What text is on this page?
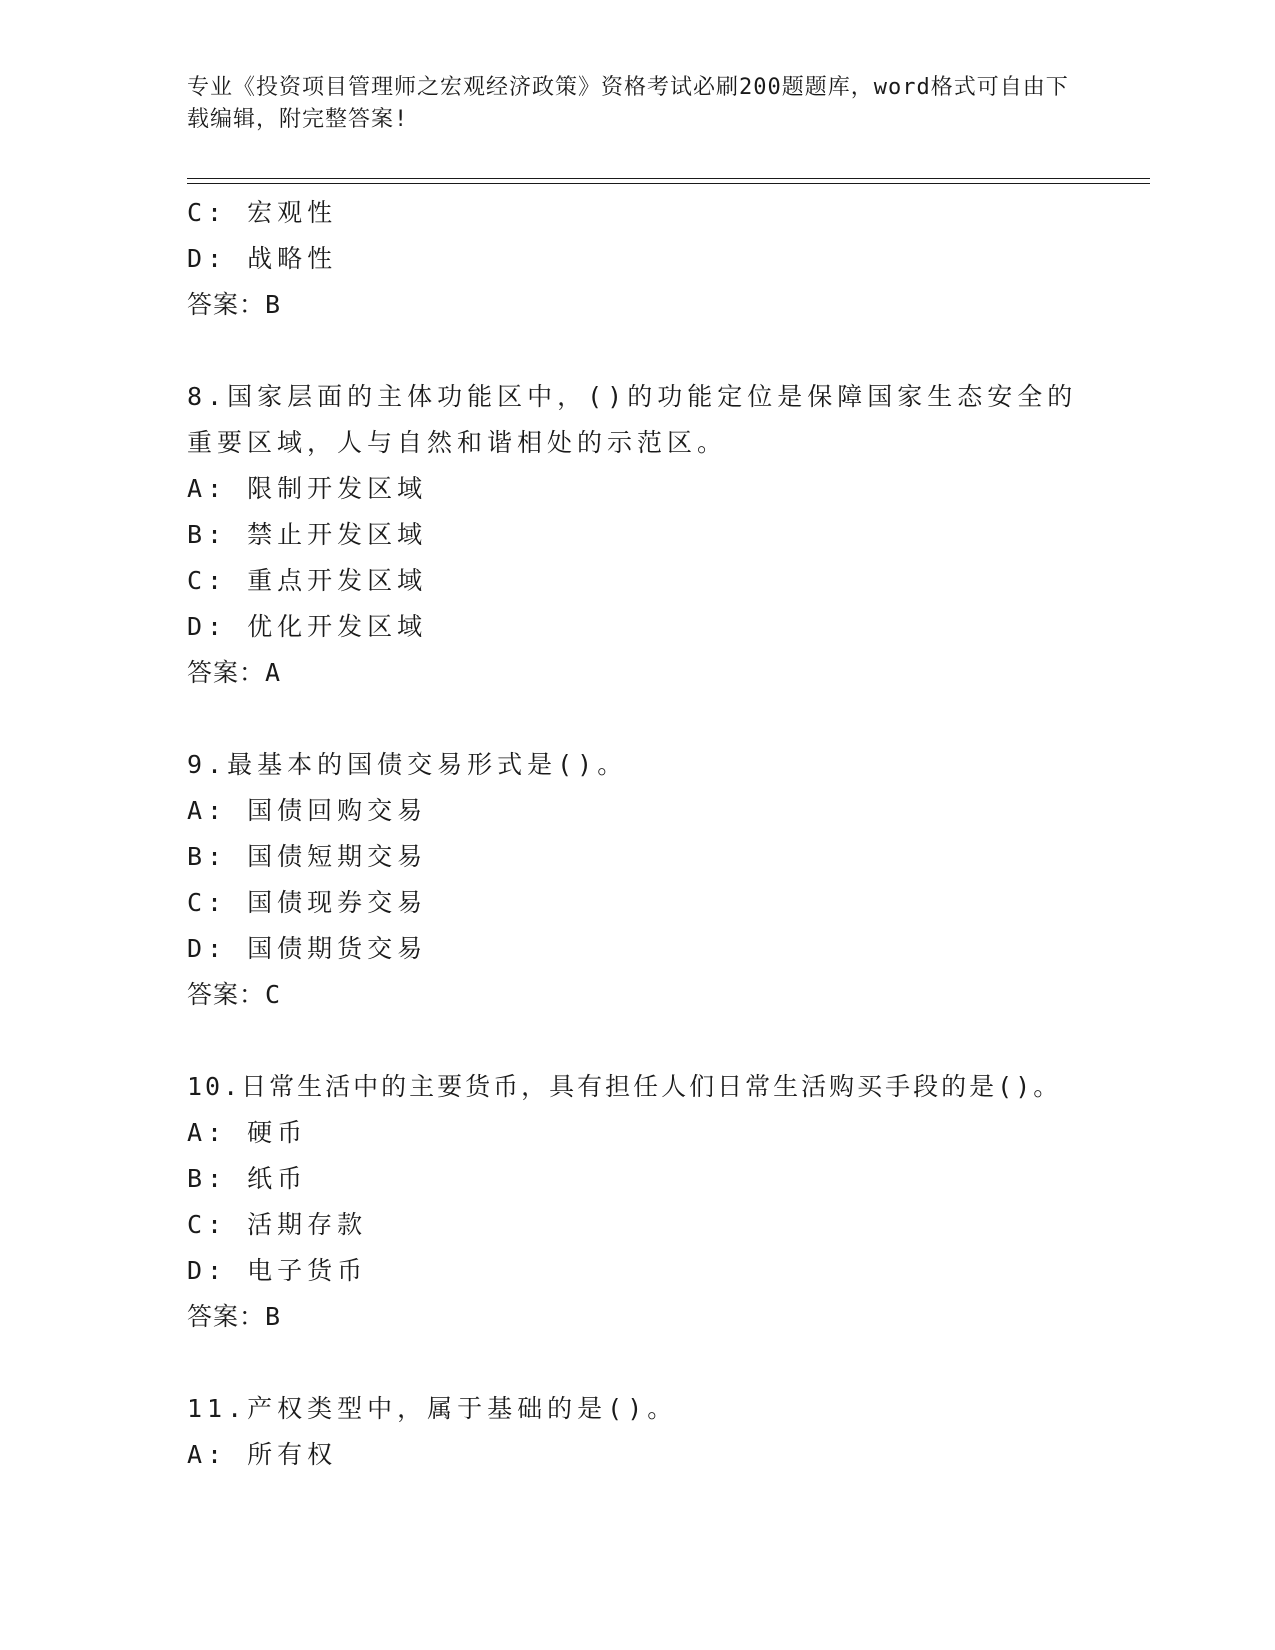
专业《投资项目管理师之宏观经济政策》资格考试必刷200题题库，word格式可自由下载编辑，附完整答案!
C: 宏观性
D: 战略性
答案：B
8.国家层面的主体功能区中，()的功能定位是保障国家生态安全的重要区域，人与自然和谐相处的示范区。
A: 限制开发区域
B: 禁止开发区域
C: 重点开发区域
D: 优化开发区域
答案：A
9.最基本的国债交易形式是()。
A: 国债回购交易
B: 国债短期交易
C: 国债现券交易
D: 国债期货交易
答案：C
10.日常生活中的主要货币，具有担任人们日常生活购买手段的是()。
A: 硬币
B: 纸币
C: 活期存款
D: 电子货币
答案：B
11.产权类型中，属于基础的是()。
A: 所有权
